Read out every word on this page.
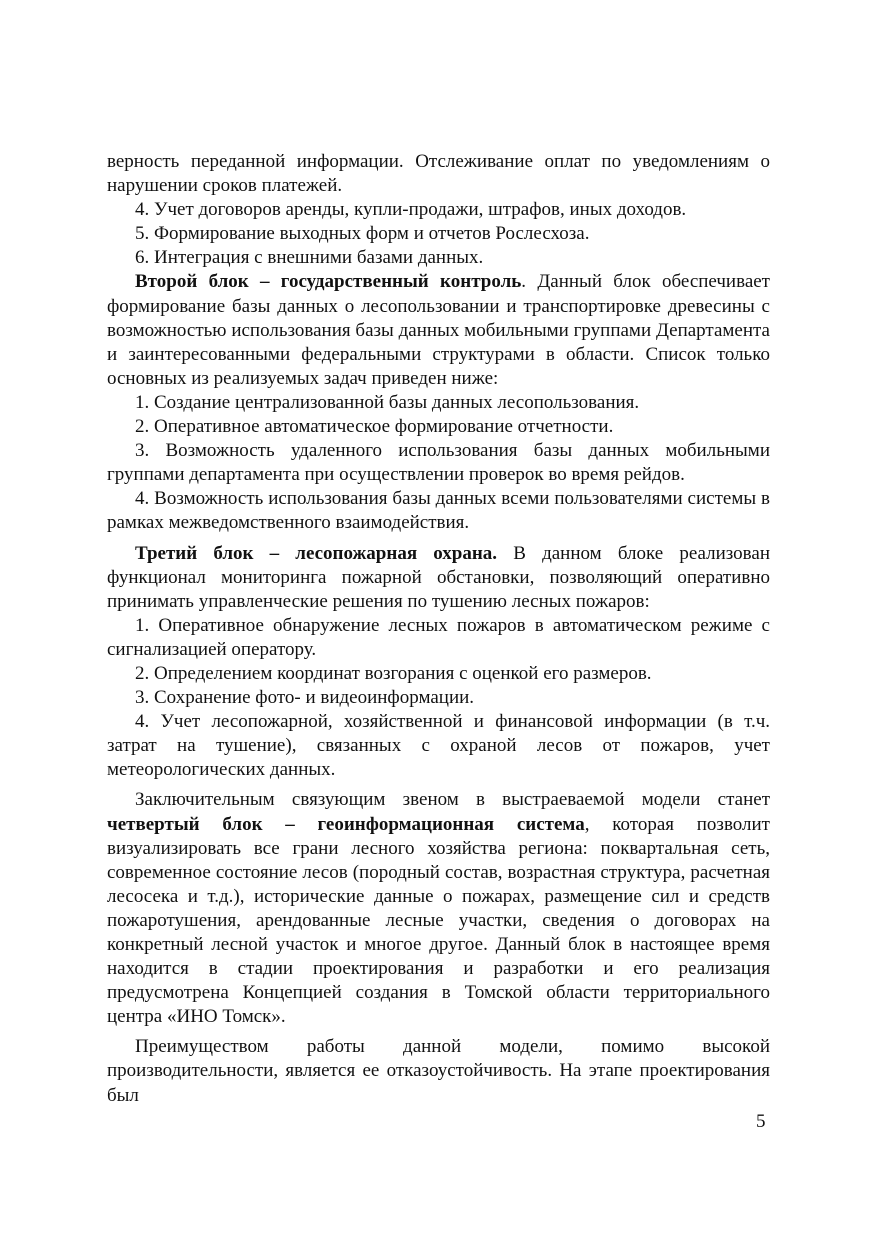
верность переданной информации. Отслеживание оплат по уведомлениям о нарушении сроков платежей.

4. Учет договоров аренды, купли-продажи, штрафов, иных доходов.

5. Формирование выходных форм и отчетов Рослесхоза.

6. Интеграция с внешними базами данных.

Второй блок – государственный контроль. Данный блок обеспечивает формирование базы данных о лесопользовании и транспортировке древесины с возможностью использования базы данных мобильными группами Департамента и заинтересованными федеральными структурами в области. Список только основных из реализуемых задач приведен ниже:

1. Создание централизованной базы данных лесопользования.

2. Оперативное автоматическое формирование отчетности.

3. Возможность удаленного использования базы данных мобильными группами департамента при осуществлении проверок во время рейдов.

4. Возможность использования базы данных всеми пользователями системы в рамках межведомственного взаимодействия.

Третий блок – лесопожарная охрана. В данном блоке реализован функционал мониторинга пожарной обстановки, позволяющий оперативно принимать управленческие решения по тушению лесных пожаров:

1. Оперативное обнаружение лесных пожаров в автоматическом режиме с сигнализацией оператору.

2. Определением координат возгорания с оценкой его размеров.

3. Сохранение фото- и видеоинформации.

4. Учет лесопожарной, хозяйственной и финансовой информации (в т.ч. затрат на тушение), связанных с охраной лесов от пожаров, учет метеорологических данных.

Заключительным связующим звеном в выстраеваемой модели станет четвертый блок – геоинформационная система, которая позволит визуализировать все грани лесного хозяйства региона: поквартальная сеть, современное состояние лесов (породный состав, возрастная структура, расчетная лесосека и т.д.), исторические данные о пожарах, размещение сил и средств пожаротушения, арендованные лесные участки, сведения о договорах на конкретный лесной участок и многое другое. Данный блок в настоящее время находится в стадии проектирования и разработки и его реализация предусмотрена Концепцией создания в Томской области территориального центра «ИНО Томск».

Преимуществом работы данной модели, помимо высокой производительности, является ее отказоустойчивость. На этапе проектирования был

5
